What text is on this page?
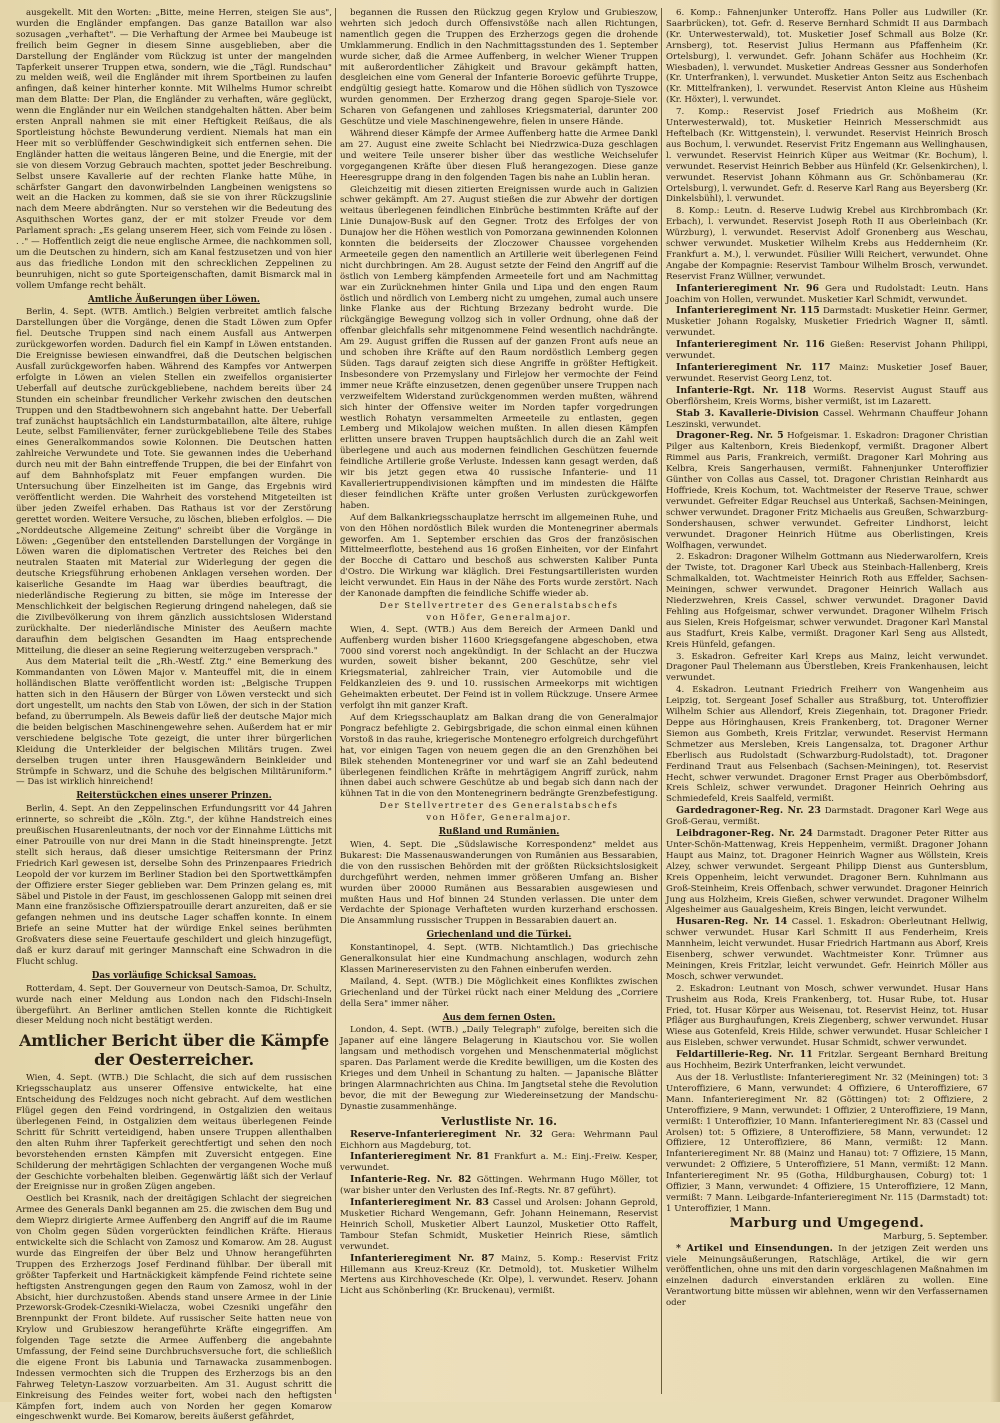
ausgekellt. Mit den Worten: „Bitte, meine Herren, steigen Sie aus", wurden die Engländer empfangen. Das ganze Bataillon war also sozusagen „verhaftet". — Die Verhaftung der Armee bei Maubeuge ist freilich beim Gegner in diesem Sinne ausgeblieben, aber die Darstellung der Engländer vom Rückzug ist unter der mangelnden Tapferkeit unserer Truppen etwa, sondern, wie die „Tägl. Rundschau" zu melden weiß, weil die Engländer mit ihrem Sportbeinen zu laufen anfingen, daß keiner hinterher konnte. Mit Wilhelms Humor schreibt man dem Blatte: Der Plan, die Engländer zu verhaften, wäre geglückt, wenn die Engländer nur ein Weilchen standgehalten hätten. Aber beim ersten Anprall nahmen sie mit einer Heftigkeit Reißaus, die als Sportleistung höchste Bewunderung verdient. Niemals hat man ein Heer mit so verblüffender Geschwindigkeit sich entfernen sehen. Die Engländer hatten die weitaus längeren Beine, und die Energie, mit der sie von diesem Vorzug Gebrauch machten, spottet jeder Beschreibung. Selbst unsere Kavallerie auf der rechten Flanke hatte Mühe, in schärfster Gangart den davonwirbelnden Langbeinen wenigstens so weit an die Hacken zu kommen, daß sie sie von ihrer Rückzugslinie nach dem Meere abdrängten. Nur so verstehen wir die Bedeutung des Asquithschen Wortes ganz, der er mit stolzer Freude vor dem Parlament sprach: „Es gelang unserem Heer, sich vom Feinde zu lösen . . ." — Hoffentlich zeigt die neue englische Armee, die nachkommen soll, um die Deutschen zu hindern, sich am Kanal festzusetzen und von hier aus das friedliche London mit den schrecklichen Zeppelinen zu beunruhigen, nicht so gute Sporteigenschaften, damit Bismarck mal in vollem Umfange recht behält.

Amtliche Äußerungen über Löwen.

Berlin, 4. Sept. (WTB. Amtlich.) Belgien verbreitet amtlich falsche Darstellungen über die Vorgänge, denen die Stadt Löwen zum Opfer fiel. Deutsche Truppen sind nach einem Ausfall aus Antwerpen zurückgeworfen worden. Dadurch fiel ein Kampf in Löwen entstanden. Die Ereignisse bewiesen einwandfrei, daß die Deutschen belgischen Ausfall zurückgeworfen haben. Während des Kampfes vor Antwerpen erfolgte in Löwen an vielen Stellen ein zweifellos organisierter Ueberfall auf deutsche zurückgebliebene, nachdem bereits über 24 Stunden ein scheinbar freundlicher Verkehr zwischen den deutschen Truppen und den Stadtbewohnern sich angebahnt hatte. Der Ueberfall traf zunächst hauptsächlich ein Landsturmbataillon, alte ältere, ruhige Leute, selbst Familienväter, ferner zurückgebliebene Teile des Stabes eines Generalkommandos sowie Kolonnen. Die Deutschen hatten zahlreiche Verwundete und Tote. Sie gewannen indes die Ueberhand durch neu mit der Bahn eintreffende Truppen, die bei der Einfahrt von auf dem Bahnhofsplatz mit Feuer empfangen wurden. Die Untersuchung über Einzelheiten ist im Gange, das Ergebnis wird veröffentlicht werden. Die Wahrheit des vorstehend Mitgeteilten ist über jeden Zweifel erhaben. Das Rathaus ist vor der Zerstörung gerettet worden. Weitere Versuche, zu löschen, blieben erfolglos. — Die „Norddeutsche Allgemeine Zeitung" schreibt über die Vorgänge in Löwen: „Gegenüber den entstellenden Darstellungen der Vorgänge in Löwen waren die diplomatischen Vertreter des Reiches bei den neutralen Staaten mit Material zur Widerlegung der gegen die deutsche Kriegsführung erhobenen Anklagen versehen worden. Der kaiserliche Gesandte im Haag war überdies beauftragt, die niederländische Regierung zu bitten, sie möge im Interesse der Menschlichkeit der belgischen Regierung dringend nahelegen, daß sie die Zivilbevölkerung von ihrem gänzlich aussichtslosen Widerstand zurückhalte. Der niederländische Minister des Aeußern machte daraufhin dem belgischen Gesandten im Haag entsprechende Mitteilung, die dieser an seine Regierung weiterzugeben versprach."

Aus dem Material teilt die „Rh.-Westf. Ztg." eine Bemerkung des Kommandanten von Löwen Major v. Manteuffel mit, die in einem holländischen Blatte veröffentlicht worden ist: „Belgische Truppen hatten sich in den Häusern der Bürger von Löwen versteckt und sich dort ungestellt, um nachts den Stab von Löwen, der sich in der Station befand, zu überrumpeln. Als Beweis dafür ließ der deutsche Major mich die beiden belgischen Maschinengewehre sehen. Außerdem hat er mir verschiedene belgische Tote gezeigt, die unter ihrer bürgerlichen Kleidung die Unterkleider der belgischen Militärs trugen. Zwei derselben trugen unter ihren Hausgewändern Beinkleider und Strümpfe in Schwarz, und die Schuhe des belgischen Militäruniform." — Das ist wirklich hinreichend!

Reiterstückchen eines unserer Prinzen.

Berlin, 4. Sept. An den Zeppelinschen Erfundungsritt vor 44 Jahren erinnerte, so schreibt die „Köln. Ztg.", der kühne Handstreich eines preußischen Husarenleutnants, der noch vor der Einnahme Lüttichs mit einer Patrouille von nur drei Mann in die Stadt hineinsprengte. Jetzt stellt sich heraus, daß dieser umsichtige Reitersmann der Prinz Friedrich Karl gewesen ist, derselbe Sohn des Prinzenpaares Friedrich Leopold der vor kurzem im Berliner Stadion bei den Sportwettkämpfen der Offiziere erster Sieger geblieben war. Dem Prinzen gelang es, mit Säbel und Pistole in der Faust, im geschlossenen Galopp mit seinen drei Mann eine französische Offizierspatrouille derart anzureiten, daß er sie gefangen nehmen und ins deutsche Lager schaffen konnte. In einem Briefe an seine Mutter hat der würdige Enkel seines berühmten Großvaters diese seine Feuertaufe geschildert und gleich hinzugefügt, daß er kurz darauf mit geringer Mannschaft eine Schwadron in die Flucht schlug.

Das vorläufige Schicksal Samoas.

Rotterdam, 4. Sept. Der Gouverneur von Deutsch-Samoa, Dr. Schultz, wurde nach einer Meldung aus London nach den Fidschi-Inseln übergeführt. An Berliner amtlichen Stellen konnte die Richtigkeit dieser Meldung noch nicht bestätigt werden.

Amtlicher Bericht über die Kämpfe der Oesterreicher.

Wien, 4. Sept. (WTB.) Die Schlacht, die sich auf dem russischen Kriegsschauplatz aus unserer Offensive entwickelte, hat eine Entscheidung des Feldzuges noch nicht gebracht. Auf dem westlichen Flügel gegen den Feind vordringend, in Ostgalizien den weitaus überlegenen Feind, in Ostgalizien dem weitaus überlegenen Feinde Schritt für Schritt verteidigend, haben unsere Truppen allenthalben den alten Ruhm ihrer Tapferkeit gerechtfertigt und sehen den noch bevorstehenden ernsten Kämpfen mit Zuversicht entgegen. Eine Schilderung der mehrtägigen Schlachten der vergangenen Woche muß der Geschichte vorbehalten bleiben. Gegenwärtig läßt sich der Verlauf der Ereignisse nur in großen Zügen angeben.

Oestlich bei Krasnik, nach der dreitägigen Schlacht der siegreichen Armee des Generals Dankl begannen am 25. die zwischen dem Bug und dem Wieprz dirigierte Armee Auffenberg den Angriff auf die im Raume von Cholm gegen Süden vorgerückten feindlichen Kräfte. Hieraus entwickelte sich die Schlacht von Zamosz und Komarow. Am 28. August wurde das Eingreifen der über Belz und Uhnow herangeführten Truppen des Erzherzogs Josef Ferdinand fühlbar. Der überall mit größter Tapferkeit und Hartnäckigkeit kämpfende Feind richtete seine heftigsten Anstrengungen gegen den Raum von Zamosz, wohl in der Absicht, hier durchzustoßen. Abends stand unsere Armee in der Linie Przeworsk-Grodek-Czesniki-Wielacza, wobei Czesniki ungefähr den Brennpunkt der Front bildete. Auf russischer Seite hatten neue von Krylow und Grubieszow herangeführte Kräfte eingegriffen. Am folgenden Tage setzte die Armee Auffenberg die angebahnte Umfassung, der Feind seine Durchbruchsversuche fort, die schließlich die eigene Front bis Labunia und Tarnawacka zusammenbogen. Indessen vermochten sich die Truppen des Erzherzogs bis an den Fahrweg Teletyn-Laszow vorzuarbeiten. Am 31. August schritt die Einkreisung des Feindes weiter fort, wobei nach den heftigsten Kämpfen fort, indem auch von Norden her gegen Komarow eingeschwenkt wurde. Bei Komarow, bereits äußerst gefährdet,

begannen die Russen den Rückzug gegen Krylow und Grubieszow, wehrten sich jedoch durch Offensivstöße nach allen Richtungen, namentlich gegen die Truppen des Erzherzogs gegen die drohende Umklammerung. Endlich in den Nachmittagsstunden des 1. September wurde sicher, daß die Armee Auffenberg, in welcher Wiener Truppen mit außerordentlicher Zähigkeit und Bravour gekämpft hatten, desgleichen eine vom General der Infanterie Boroevic geführte Truppe, endgültig gesiegt hatte. Komarow und die Höhen südlich von Tyszowce wurden genommen. Der Erzherzog drang gegen Sparoje-Siele vor. Scharen von Gefangenen und zahlloses Kriegsmaterial, darunter 200 Geschütze und viele Maschinengewehre, fielen in unsere Hände.

Während dieser Kämpfe der Armee Auffenberg hatte die Armee Dankl am 27. August eine zweite Schlacht bei Niedrzwica-Duza geschlagen und weitere Teile unserer bisher über das westliche Weichselufer vorgegangenen Kräfte über diesen Fluß herangezogen. Diese ganze Heeresgruppe drang in den folgenden Tagen bis nahe an Lublin heran.

Gleichzeitig mit diesen zitierten Ereignissen wurde auch in Galizien schwer gekämpft. Am 27. August stießen die zur Abwehr der dortigen weitaus überlegenen feindlichen Einbrüche bestimmten Kräfte auf der Linie Dunajow-Busk auf den Gegner. Trotz des Erfolges der von Dunajow her die Höhen westlich von Pomorzana gewinnenden Kolonnen konnten die beiderseits der Zloczower Chaussee vorgehenden Armeeteile gegen den namentlich an Artillerie weit überlegenen Feind nicht durchbringen. Am 28. August setzte der Feind den Angriff auf die östlich von Lemberg kämpfenden Armeeteile fort und am Nachmittag war ein Zurücknehmen hinter Gnila und Lipa und den engen Raum östlich und nördlich von Lemberg nicht zu umgehen, zumal auch unsere linke Flanke aus der Richtung Brzezany bedroht wurde. Die rückgängige Bewegung vollzog sich in voller Ordnung, ohne daß der offenbar gleichfalls sehr mitgenommene Feind wesentlich nachdrängte. Am 29. August griffen die Russen auf der ganzen Front aufs neue an und schoben ihre Kräfte auf den Raum nordöstlich Lemberg gegen Süden. Tags darauf zeigten sich diese Angriffe in größter Heftigkeit. Insbesondere von Przemyslany und Firlejow her vermochte der Feind immer neue Kräfte einzusetzen, denen gegenüber unsere Truppen nach verzweifeltem Widerstand zurückgenommen werden mußten, während sich hinter der Offensive weiter im Norden tapfer vorgedrungen westlich Rohatyn versammelten Armeeteile zu entlasten, gegen Lemberg und Mikolajow weichen mußten. In allen diesen Kämpfen erlitten unsere braven Truppen hauptsächlich durch die an Zahl weit überlegene und auch aus modernen feindlichen Geschützen feuernde feindliche Artillerie große Verluste. Indessen kann gesagt werden, daß wir bis jetzt gegen etwa 40 russische Infanterie- und 11 Kavalleriertruppendivisionen kämpften und im mindesten die Hälfte dieser feindlichen Kräfte unter großen Verlusten zurückgeworfen haben.

Auf dem Balkankriegsschauplatze herrscht im allgemeinen Ruhe, und von den Höhen nordöstlich Bilek wurden die Montenegriner abermals geworfen. Am 1. September erschien das Gros der französischen Mittelmeerflotte, bestehend aus 16 großen Einheiten, vor der Einfahrt der Bocche di Cattaro und beschoß aus schwersten Kaliber Punta d'Ostro. Die Wirkung war kläglich. Drei Festungsartilleristen wurden leicht verwundet. Ein Haus in der Nähe des Forts wurde zerstört. Nach der Kanonade dampften die feindliche Schiffe wieder ab.

Der Stellvertreter des Generalstabschefs

von Höfer, Generalmajor.

Wien, 4. Sept. (WTB.) Aus dem Bereich der Armeen Dankl und Auffenberg wurden bisher 11600 Kriegsgefangene abgeschoben, etwa 7000 sind vorerst noch angekündigt. In der Schlacht an der Huczwa wurden, soweit bisher bekannt, 200 Geschütze, sehr viel Kriegsmaterial, zahlreicher Train, vier Automobile und die Feldkanzleien des 9. und 10. russischen Armeekorps mit wichtigen Geheimakten erbeutet. Der Feind ist in vollem Rückzuge. Unsere Armee verfolgt ihn mit ganzer Kraft.

Auf dem Kriegsschauplatz am Balkan drang die von Generalmajor Pongracz befehligte 2. Gebirgsbrigade, die schon einmal einen kühnen Vorstoß in das rauhe, kriegerische Montenegro erfolgreich durchgeführt hat, vor einigen Tagen von neuem gegen die an den Grenzhöhen bei Bilek stehenden Montenegriner vor und warf sie an Zahl bedeutend überlegenen feindlichen Kräfte in mehrtägigem Angriff zurück, nahm ihnen dabei auch schwere Geschütze ab und begab sich dann nach der kühnen Tat in die von den Montenegrinern bedrängte Grenzbefestigung.

Der Stellvertreter des Generalstabschefs

von Höfer, Generalmajor.

Rußland und Rumänien.

Wien, 4. Sept. Die „Südslawische Korrespondenz" meldet aus Bukarest: Die Massenauswanderungen von Rumänien aus Bessarabien, die von den russischen Behörden mit der größten Rücksichtslosigkeit durchgeführt werden, nehmen immer größeren Umfang an. Bisher wurden über 20000 Rumänen aus Bessarabien ausgewiesen und mußten Haus und Hof binnen 24 Stunden verlassen. Die unter dem Verdachte der Spionage Verhafteten wurden kurzerhand erschossen. Die Ansammlung russischer Truppen in Bessarabien dauert an.

Griechenland und die Türkei.

Konstantinopel, 4. Sept. (WTB. Nichtamtlich.) Das griechische Generalkonsulat hier eine Kundmachung anschlagen, wodurch zehn Klassen Marinereservisten zu den Fahnen einberufen werden.

Mailand, 4. Sept. (WTB.) Die Möglichkeit eines Konfliktes zwischen Griechenland und der Türkei rückt nach einer Meldung des „Corriere della Sera" immer näher.

Aus dem fernen Osten.

London, 4. Sept. (WTB.) „Daily Telegraph" zufolge, bereiten sich die Japaner auf eine längere Belagerung in Kiautschou vor. Sie wollen langsam und methodisch vorgehen und Menschenmaterial möglichst sparen. Das Parlament werde die Kredite bewilligen, um die Kosten des Krieges und dem Unheil in Schantung zu halten. — Japanische Blätter bringen Alarmnachrichten aus China. Im Jangtsetal stehe die Revolution bevor, die mit der Bewegung zur Wiedereinsetzung der Mandschu-Dynastie zusammenhänge.

Verlustliste Nr. 16.

Reserve-Infanterieregiment Nr. 32 Gera: Wehrmann Paul Eichhorn aus Magdeburg, tot.

Infanterieregiment Nr. 81 Frankfurt a. M.: Einj.-Freiw. Kesper, verwundet.

Infanterie-Reg. Nr. 82 Göttingen. Wehrmann Hugo Möller, tot (war bisher unter den Verlusten des Inf.-Regts. Nr. 87 geführt).

Infanterieregiment Nr. 83 Cassel und Arolsen: Johann Geprold, Musketier Richard Wengemann, Gefr. Johann Heinemann, Reservist Heinrich Scholl, Musketier Albert Launzol, Musketier Otto Raffelt, Tambour Stefan Schmidt, Musketier Heinrich Riese, sämtlich verwundet.

Infanterieregiment Nr. 87 Mainz, 5. Komp.: Reservist Fritz Hillemann aus Kreuz-Kreuz (Kr. Detmold), tot. Musketier Wilhelm Mertens aus Kirchhoveschede (Kr. Olpe), l. verwundet. Reserv. Johann Licht aus Schönberling (Kr. Bruckenau), vermißt.

6. Komp.: Fahnenjunker Unteroffz. Hans Poller aus Ludwiller (Kr. Saarbrücken), tot. Gefr. d. Reserve Bernhard Schmidt II aus Darmbach (Kr. Unterwesterwald), tot. Musketier Josef Schmall aus Bolze (Kr. Arnsberg), tot. Reservist Julius Hermann aus Pfaffenheim (Kr. Ortelsburg), l. verwundet. Gefr. Johann Schäfer aus Hochheim (Kr. Wiesbaden), l. verwundet. Musketier Andreas Gessner aus Sonderhofen (Kr. Unterfranken), l. verwundet. Musketier Anton Seitz aus Eschenbach (Kr. Mittelfranken), l. verwundet. Reservist Anton Kleine aus Hüsheim (Kr. Höxter), l. verwundet.

7. Komp.: Reservist Josef Friedrich aus Moßheim (Kr. Unterwesterwald), tot. Musketier Heinrich Messerschmidt aus Heftelbach (Kr. Wittgenstein), l. verwundet. Reservist Heinrich Brosch aus Bochum, l. verwundet. Reservist Fritz Engemann aus Wellinghausen, l. verwundet. Reservist Heinrich Küper aus Weitmar (Kr. Bochum), l. verwundet. Reservist Heinrich Bebber aus Hünfeld (Kr. Gelsenkirchen), l. verwundet. Reservist Johann Köhmann aus Gr. Schönbamerau (Kr. Ortelsburg), l. verwundet. Gefr. d. Reserve Karl Rang aus Beyersberg (Kr. Dinkelsbühl), l. verwundet.

8. Komp.: Leutn. d. Reserve Ludwig Krebel aus Kirchbrombach (Kr. Erbach), l. verwundet. Reservist Joseph Roth II aus Oberleinbach (Kr. Würzburg), l. verwundet. Reservist Adolf Gronenberg aus Weschau, schwer verwundet. Musketier Wilhelm Krebs aus Heddernheim (Kr. Frankfurt a. M.), l. verwundet. Füsilier Willi Reichert, verwundet. Ohne Angabe der Kompagnie: Reservist Tambour Wilhelm Brosch, verwundet. Reservist Franz Wüllner, verwundet.

Infanterieregiment Nr. 96 Gera und Rudolstadt: Leutn. Hans Joachim von Hollen, verwundet. Musketier Karl Schmidt, verwundet.

Infanterieregiment Nr. 115 Darmstadt: Musketier Heinr. Germer, Musketier Johann Rogalsky, Musketier Friedrich Wagner II, sämtl. verwundet.

Infanterieregiment Nr. 116 Gießen: Reservist Johann Philippi, verwundet.

Infanterieregiment Nr. 117 Mainz: Musketier Josef Bauer, verwundet. Reservist Georg Lenz, tot.

Infanterie-Rgt. Nr. 118 Worms. Reservist August Stauff aus Oberflörsheim, Kreis Worms, bisher vermißt, ist im Lazarett.

Stab 3. Kavallerie-Division Cassel. Wehrmann Chauffeur Johann Leszinski, verwundet.

Dragoner-Reg. Nr. 5 Hofgeismar. 1. Eskadron: Dragoner Christian Pilger aus Kaltenborn, Kreis Biedenkopf, vermißt. Dragoner Albert Rimmel aus Paris, Frankreich, vermißt. Dragoner Karl Mohring aus Kelbra, Kreis Sangerhausen, vermißt. Fahnenjunker Unteroffizier Günther von Collas aus Cassel, tot. Dragoner Christian Reinhardt aus Hoffriede, Kreis Kochum, tot. Wachtmeister der Reserve Traue, schwer verwundet. Gefreiter Edgar Reuchsel aus Unterkaß, Sachsen-Meiningen, schwer verwundet. Dragoner Fritz Michaelis aus Greußen, Schwarzburg-Sondershausen, schwer verwundet. Gefreiter Lindhorst, leicht verwundet. Dragoner Heinrich Hütme aus Oberlistingen, Kreis Wolfhagen, verwundet.

2. Eskadron: Dragoner Wilhelm Gottmann aus Niederwarolfern, Kreis der Twiste, tot. Dragoner Karl Ubeck aus Steinbach-Hallenberg, Kreis Schmalkalden, tot. Wachtmeister Heinrich Roth aus Effelder, Sachsen-Meiningen, schwer verwundet. Dragoner Heinrich Wallach aus Niederzwehren, Kreis Cassel, schwer verwundet. Dragoner David Fehling aus Hofgeismar, schwer verwundet. Dragoner Wilhelm Frisch aus Sielen, Kreis Hofgeismar, schwer verwundet. Dragoner Karl Manstal aus Stadfurt, Kreis Kalbe, vermißt. Dragoner Karl Seng aus Allstedt, Kreis Hünfeld, gefangen.

3. Eskadron. Gefreiter Karl Kreps aus Mainz, leicht verwundet. Dragoner Paul Thelemann aus Überstleben, Kreis Frankenhausen, leicht verwundet.

4. Eskadron. Leutnant Friedrich Freiherr von Wangenheim aus Leipzig, tot. Sergeant Josef Schaller aus Straßburg, tot. Unteroffizier Wilhelm Schier aus Allendorf, Kreis Ziegenhain, tot. Dragoner Friedr. Deppe aus Höringhausen, Kreis Frankenberg, tot. Dragoner Werner Siemon aus Gombeth, Kreis Fritzlar, verwundet. Reservist Hermann Schmetzer aus Mersleben, Kreis Langensalza, tot. Dragoner Arthur Eberlisch aus Rudolstadt (Schwarzburg-Rudolstadt), tot. Dragoner Ferdinand Traut aus Felsenbach (Sachsen-Meiningen), tot. Reservist Hecht, schwer verwundet. Dragoner Ernst Prager aus Oberbömbsdorf, Kreis Schleiz, schwer verwundet. Dragoner Heinrich Oehring aus Schmiedefeld, Kreis Saalfeld, vermißt.

Gardedragoner-Reg. Nr. 23 Darmstadt. Dragoner Karl Wege aus Groß-Gerau, vermißt.

Leibdragoner-Reg. Nr. 24 Darmstadt. Dragoner Peter Ritter aus Unter-Schön-Mattenwag, Kreis Heppenheim, vermißt. Dragoner Johann Haupt aus Mainz, tot. Dragoner Heinrich Wagner aus Wöllstein, Kreis Alzey, schwer verwundet. Sergeant Philipp Dienst aus Guntersblum, Kreis Oppenheim, leicht verwundet. Dragoner Bern. Kuhnlmann aus Groß-Steinheim, Kreis Offenbach, schwer verwundet. Dragoner Heinrich Jung aus Holzheim, Kreis Gießen, schwer verwundet. Dragoner Wilhelm Algesheimer aus Gaualgesheim, Kreis Bingen, leicht verwundet.

Husaren-Reg. Nr. 14 Cassel. 1. Eskadron: Oberleutnant Hellwig, schwer verwundet. Husar Karl Schmitt II aus Fenderheim, Kreis Mannheim, leicht verwundet. Husar Friedrich Hartmann aus Aborf, Kreis Eisenberg, schwer verwundet. Wachtmeister Konr. Trümner aus Meiningen, Kreis Fritzlar, leicht verwundet. Gefr. Heinrich Möller aus Mosch, schwer verwundet.

2. Eskadron: Leutnant von Mosch, schwer verwundet. Husar Hans Trusheim aus Roda, Kreis Frankenberg, tot. Husar Rube, tot. Husar Fried, tot. Husar Körper aus Weisenau, tot. Reservist Heinz, tot. Husar Pfläger aus Burghaufungen, Kreis Ziegenberg, schwer verwundet. Husar Wiese aus Gotenfeld, Kreis Hilde, schwer verwundet. Husar Schleicher I aus Eisleben, schwer verwundet. Husar Schmidt, schwer verwundet.

Feldartillerie-Reg. Nr. 11 Fritzlar. Sergeant Bernhard Breitung aus Hochheim, Bezirk Unterfranken, leicht verwundet.

Aus der 18. Verlustliste: Infanterieregiment Nr. 32 (Meiningen) tot: 3 Unteroffiziere, 6 Mann, verwundet: 4 Offiziere, 6 Unteroffiziere, 67 Mann. Infanterieregiment Nr. 82 (Göttingen) tot: 2 Offiziere, 2 Unteroffiziere, 9 Mann, verwundet: 1 Offizier, 2 Unteroffiziere, 19 Mann, vermißt: 1 Unteroffizier, 10 Mann. Infanterieregiment Nr. 83 (Cassel und Arolsen) tot: 5 Offiziere, 8 Unteroffiziere, 58 Mann, verwundet: 12 Offiziere, 12 Unteroffiziere, 86 Mann, vermißt: 12 Mann. Infanterieregiment Nr. 88 (Mainz und Hanau) tot: 7 Offiziere, 15 Mann, verwundet: 2 Offiziere, 5 Unteroffiziere, 51 Mann, vermißt: 12 Mann. Infanterieregiment Nr. 95 (Gotha, Hildburghausen, Coburg) tot: 1 Offizier, 3 Mann, verwundet: 4 Offiziere, 15 Unteroffiziere, 12 Mann, vermißt: 7 Mann. Leibgarde-Infanterieregiment Nr. 115 (Darmstadt) tot: 1 Unteroffizier, 1 Mann.

Marburg und Umgegend.

Marburg, 5. September.

* Artikel und Einsendungen. In der jetzigen Zeit werden uns viele Meinungsäußerungen, Ratschläge, Artikel, die wir gern veröffentlichen, ohne uns mit den darin vorgeschlagenen Maßnahmen im einzelnen dadurch einverstanden erklären zu wollen. Eine Verantwortung bitte müssen wir ablehnen, wenn wir den Verfassernamen oder
